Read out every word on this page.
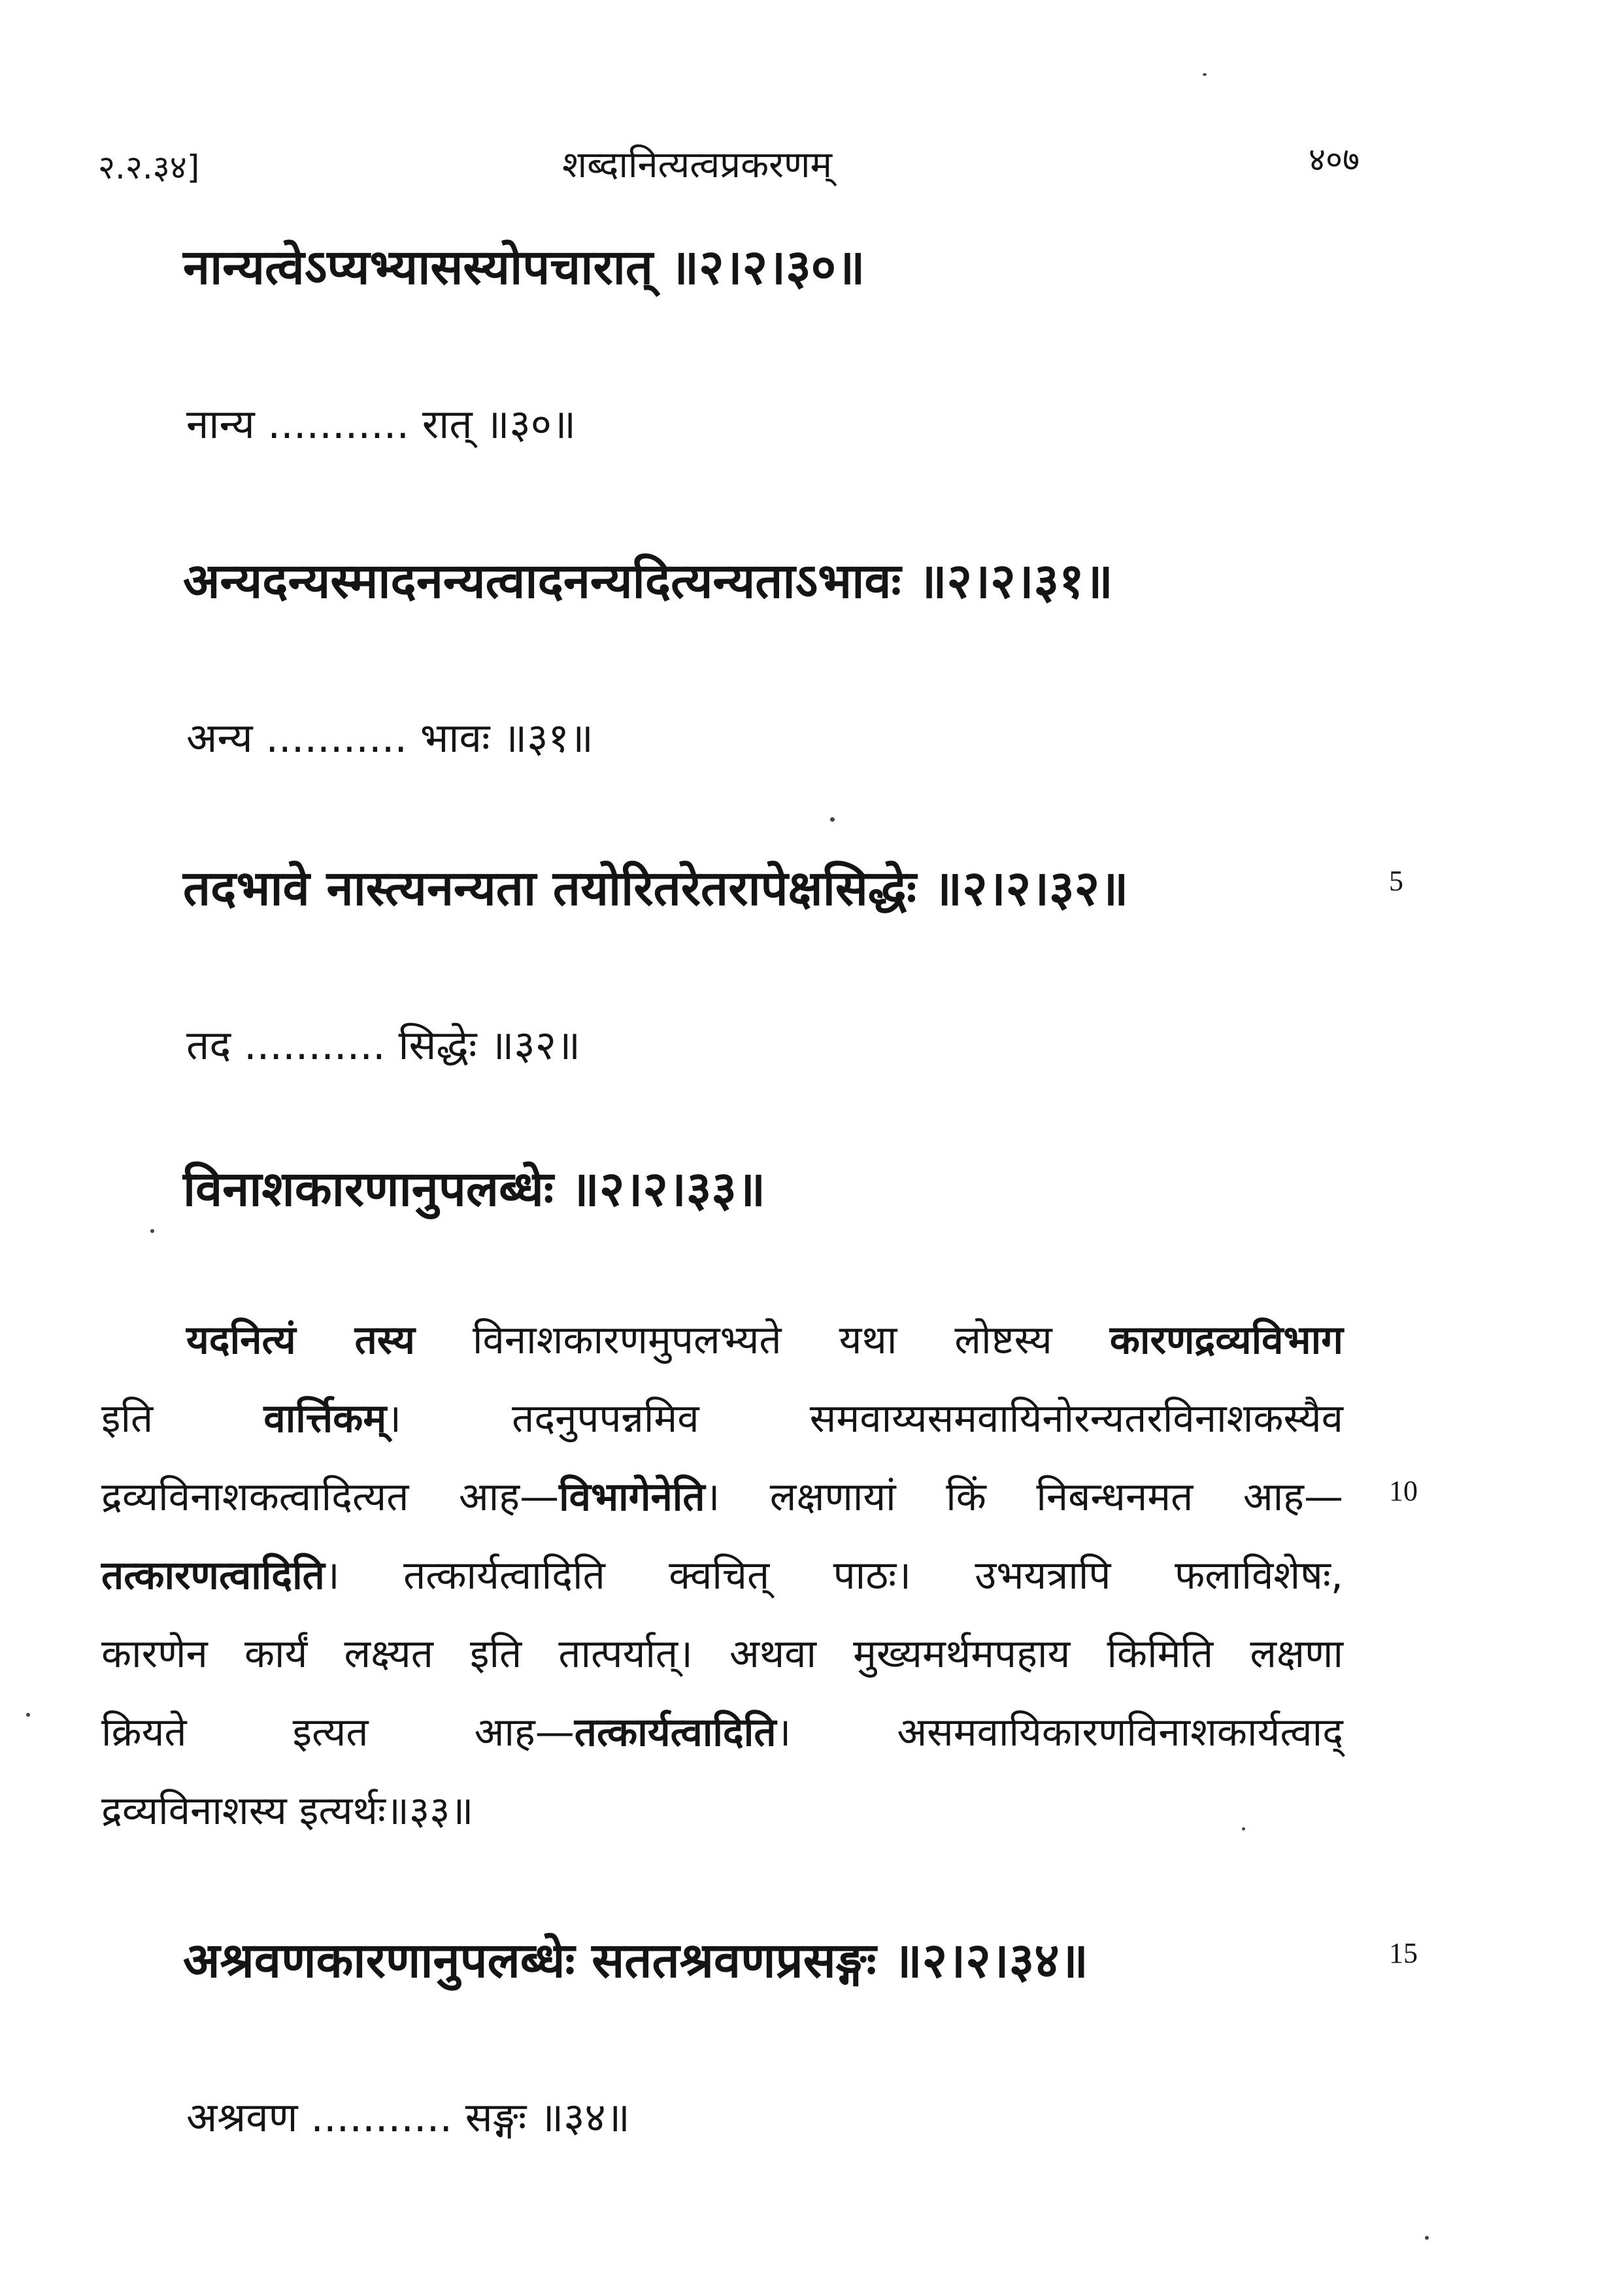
२.२.३४]	शब्दानित्यत्वप्रकरणम्	४०७
नान्यत्वेऽप्यभ्यासस्योपचारात् ॥२।२।३०॥
नान्य ........... रात् ॥३०॥
अन्यदन्यस्मादनन्यत्वादनन्यदित्यन्यताऽभावः ॥२।२।३१॥
अन्य ........... भावः ॥३१॥
तदभावे नास्त्यनन्यता तयोरितरेतरापेक्षसिद्धेः ॥२।२।३२॥	5
तद ........... सिद्धेः ॥३२॥
विनाशकारणानुपलब्धेः ॥२।२।३३॥
यदनित्यं तस्य विनाशकारणमुपलभ्यते यथा लोष्टस्य कारणद्रव्यविभाग
इति वार्त्तिकम्। तदनुपपन्नमिव समवाय्यसमवायिनोरन्यतरविनाशकस्यैव
द्रव्यविनाशकत्वादित्यत आह—विभागेनेति। लक्षणायां किं निबन्धनमत आह—
तत्कारणत्वादिति। तत्कार्यत्वादिति क्वचित् पाठः। उभयत्रापि फलाविशेषः,
कारणेन कार्यं लक्ष्यत इति तात्पर्यात्। अथवा मुख्यमर्थमपहाय किमिति लक्षणा
क्रियते इत्यत आह—तत्कार्यत्वादिति। असमवायिकारणविनाशकार्यत्वाद्
द्रव्यविनाशस्य इत्यर्थः॥३३॥
10
अश्रवणकारणानुपलब्धेः सततश्रवणप्रसङ्गः ॥२।२।३४॥	15
अश्रवण ........... सङ्गः ॥३४॥
